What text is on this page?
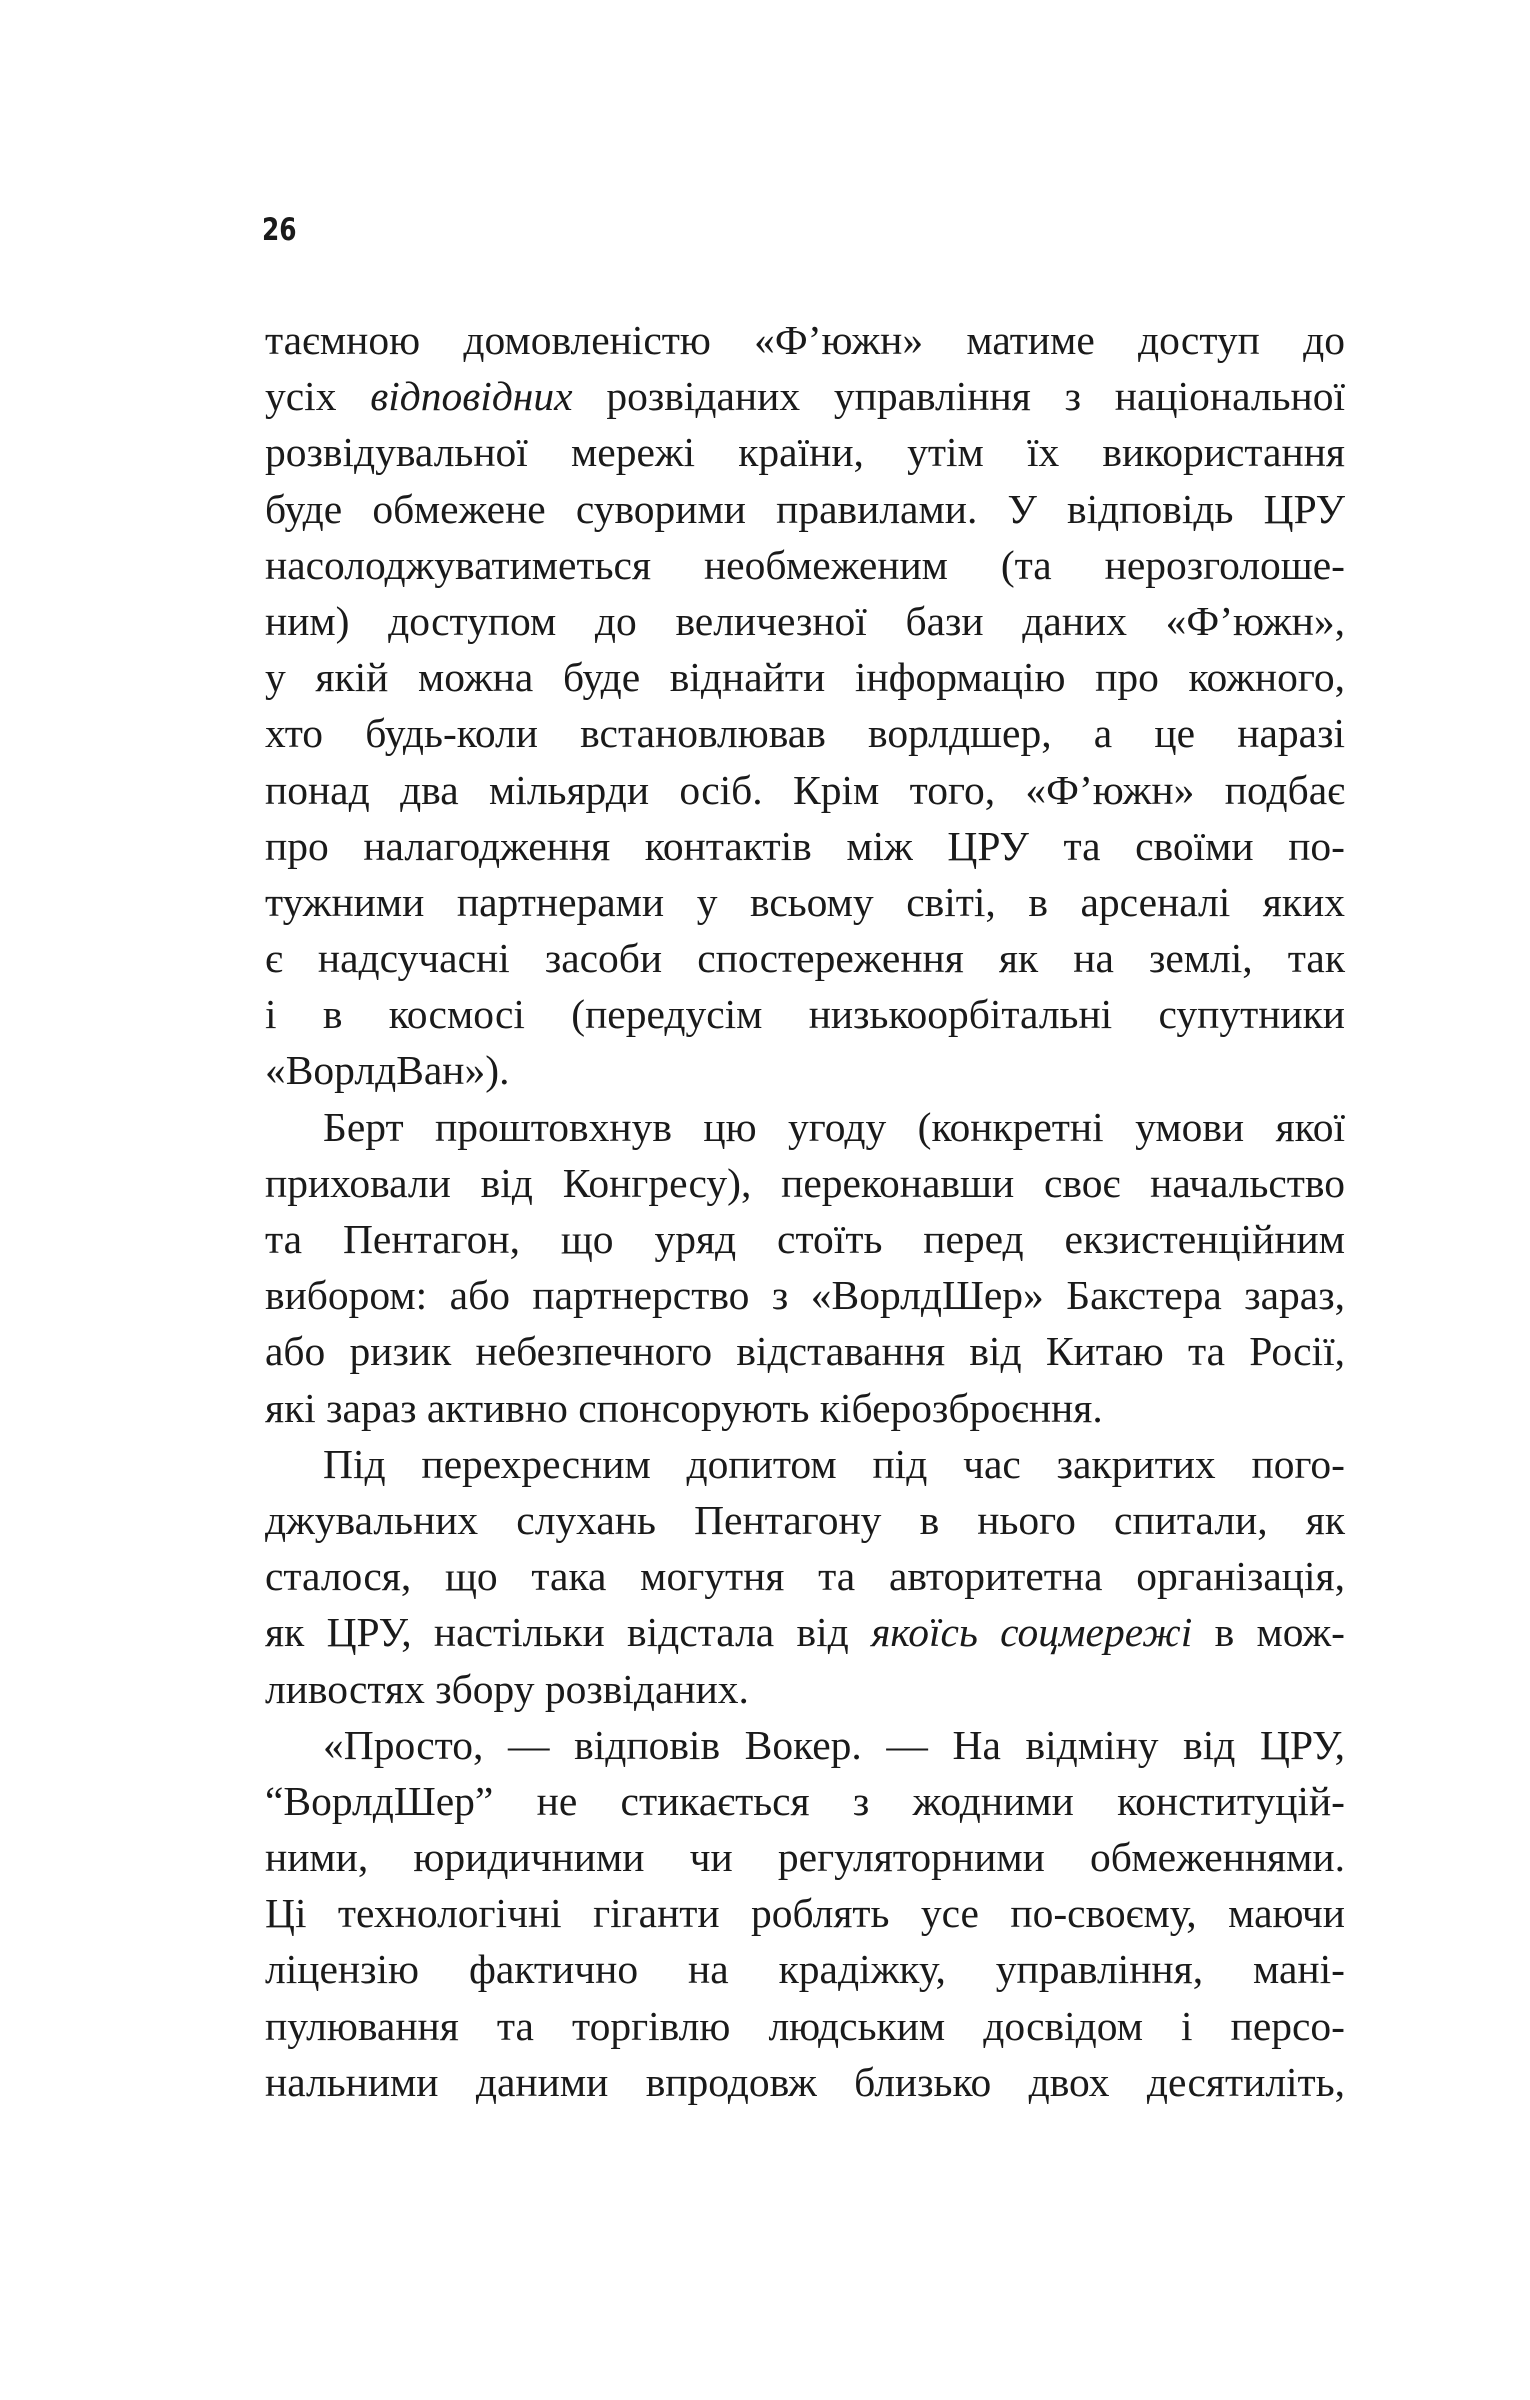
26
таємною домовленістю «Ф’южн» матиме доступ до
усіх відповідних розвіданих управління з національної
розвідувальної мережі країни, утім їх використання
буде обмежене суворими правилами. У відповідь ЦРУ
насолоджуватиметься необмеженим (та нерозголоше-
ним) доступом до величезної бази даних «Ф’южн»,
у якій можна буде віднайти інформацію про кожного,
хто будь-коли встановлював ворлдшер, а це наразі
понад два мільярди осіб. Крім того, «Ф’южн» подбає
про налагодження контактів між ЦРУ та своїми по-
тужними партнерами у всьому світі, в арсеналі яких
є надсучасні засоби спостереження як на землі, так
і в космосі (передусім низькоорбітальні супутники
«ВорлдВан»).
Берт проштовхнув цю угоду (конкретні умови якої
приховали від Конгресу), переконавши своє начальство
та Пентагон, що уряд стоїть перед екзистенційним
вибором: або партнерство з «ВорлдШер» Бакстера зараз,
або ризик небезпечного відставання від Китаю та Росії,
які зараз активно спонсорують кіберозброєння.
Під перехресним допитом під час закритих пого-
джувальних слухань Пентагону в нього спитали, як
сталося, що така могутня та авторитетна організація,
як ЦРУ, настільки відстала від якоїсь соцмережі в мож-
ливостях збору розвіданих.
«Просто, — відповів Вокер. — На відміну від ЦРУ,
“ВорлдШер” не стикається з жодними конституцій-
ними, юридичними чи регуляторними обмеженнями.
Ці технологічні гіганти роблять усе по-своєму, маючи
ліцензію фактично на крадіжку, управління, мані-
пулювання та торгівлю людським досвідом і персо-
нальними даними впродовж близько двох десятиліть,
